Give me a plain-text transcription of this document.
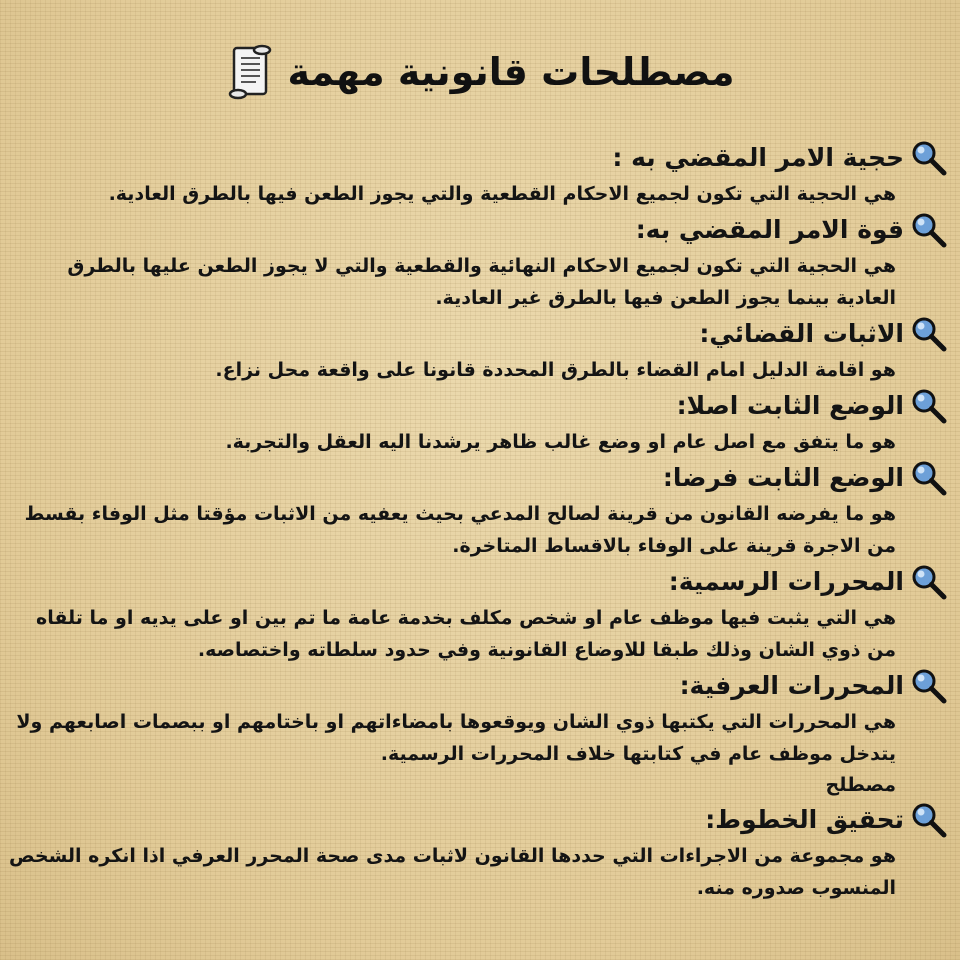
مصطلحات قانونية مهمة
حجية الامر المقضي به :

هي الحجية التي تكون لجميع الاحكام القطعية والتي يجوز الطعن فيها بالطرق العادية.

قوة الامر المقضي به:

هي الحجية التي تكون لجميع الاحكام النهائية والقطعية والتي لا يجوز الطعن عليها بالطرق العادية بينما يجوز الطعن فيها بالطرق غير العادية.

الاثبات القضائي:

هو اقامة الدليل امام القضاء بالطرق المحددة قانونا على واقعة محل نزاع.

الوضع الثابت اصلا:

هو ما يتفق مع اصل عام او وضع غالب ظاهر يرشدنا اليه العقل والتجربة.

الوضع الثابت فرضا:

هو ما يفرضه القانون من قرينة لصالح المدعي بحيث يعفيه من الاثبات مؤقتا مثل الوفاء بقسط من الاجرة قرينة على الوفاء بالاقساط المتاخرة.

المحررات الرسمية:

هي التي يثبت فيها موظف عام او شخص مكلف بخدمة عامة ما تم بين او على يديه او ما تلقاه من ذوي الشان وذلك طبقا للاوضاع القانونية وفي حدود سلطاته واختصاصه.

المحررات العرفية:

هي المحررات التي يكتبها ذوي الشان ويوقعوها بامضاءاتهم او باختامهم او ببصمات اصابعهم ولا يتدخل موظف عام في كتابتها خلاف المحررات الرسمية.

مصطلح

تحقيق الخطوط:

هو مجموعة من الاجراءات التي حددها القانون لاثبات مدى صحة المحرر العرفي اذا انكره الشخص المنسوب صدوره منه.
